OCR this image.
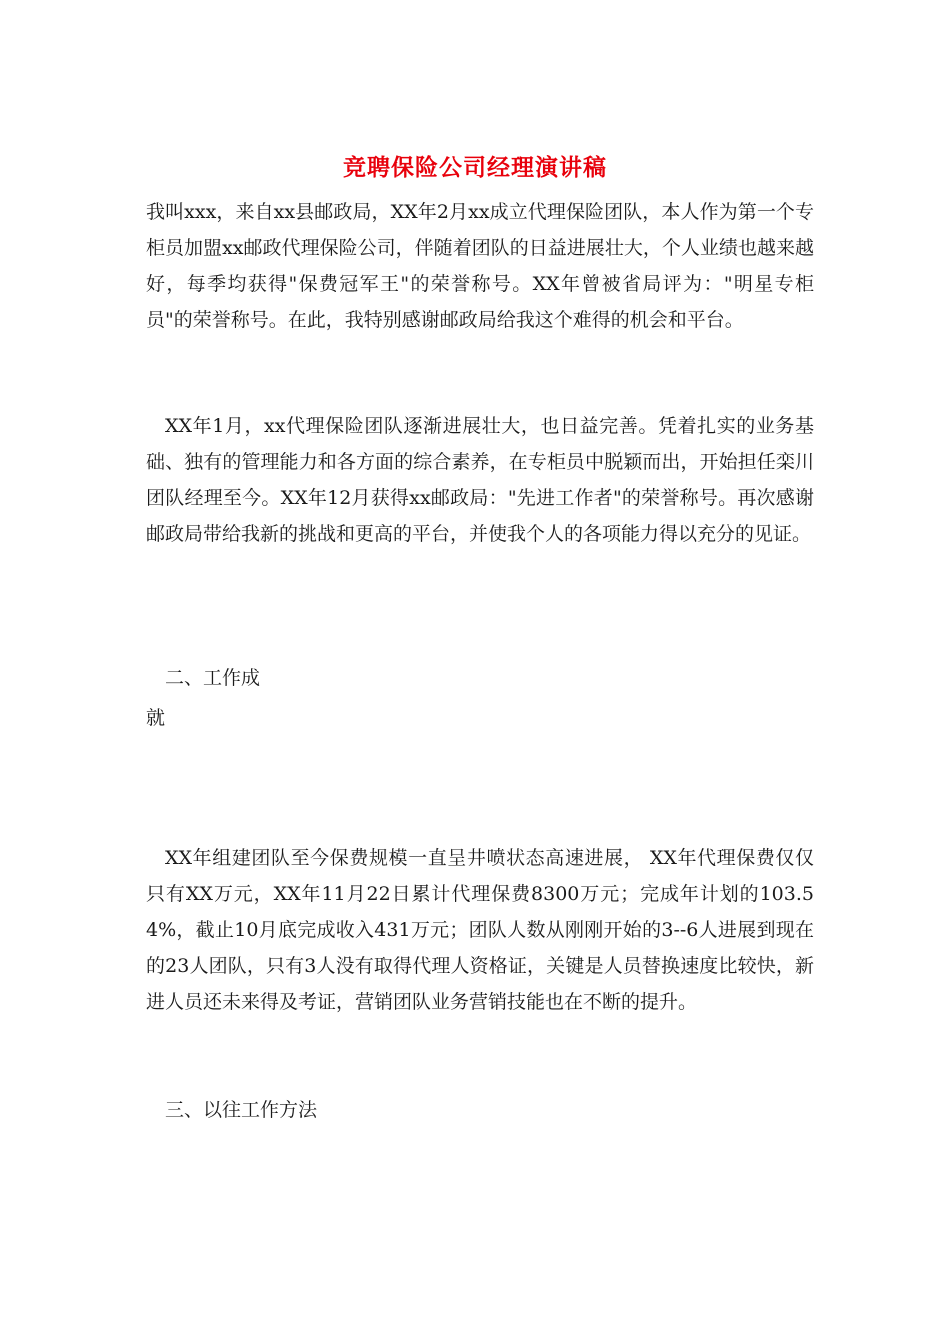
竞聘保险公司经理演讲稿

我叫xxx，来自xx县邮政局，XX年2月xx成立代理保险团队，本人作为第一个专柜员加盟xx邮政代理保险公司，伴随着团队的日益进展壮大，个人业绩也越来越好，每季均获得"保费冠军王"的荣誉称号。XX年曾被省局评为："明星专柜员"的荣誉称号。在此，我特别感谢邮政局给我这个难得的机会和平台。

XX年1月，xx代理保险团队逐渐进展壮大，也日益完善。凭着扎实的业务基础、独有的管理能力和各方面的综合素养，在专柜员中脱颖而出，开始担任栾川团队经理至今。XX年12月获得xx邮政局："先进工作者"的荣誉称号。再次感谢邮政局带给我新的挑战和更高的平台，并使我个人的各项能力得以充分的见证。

二、工作成
就

XX年组建团队至今保费规模一直呈井喷状态高速进展， XX年代理保费仅仅只有XX万元，XX年11月22日累计代理保费8300万元；完成年计划的103.54%，截止10月底完成收入431万元；团队人数从刚刚开始的3--6人进展到现在的23人团队，只有3人没有取得代理人资格证，关键是人员替换速度比较快，新进人员还未来得及考证，营销团队业务营销技能也在不断的提升。

三、以往工作方法
